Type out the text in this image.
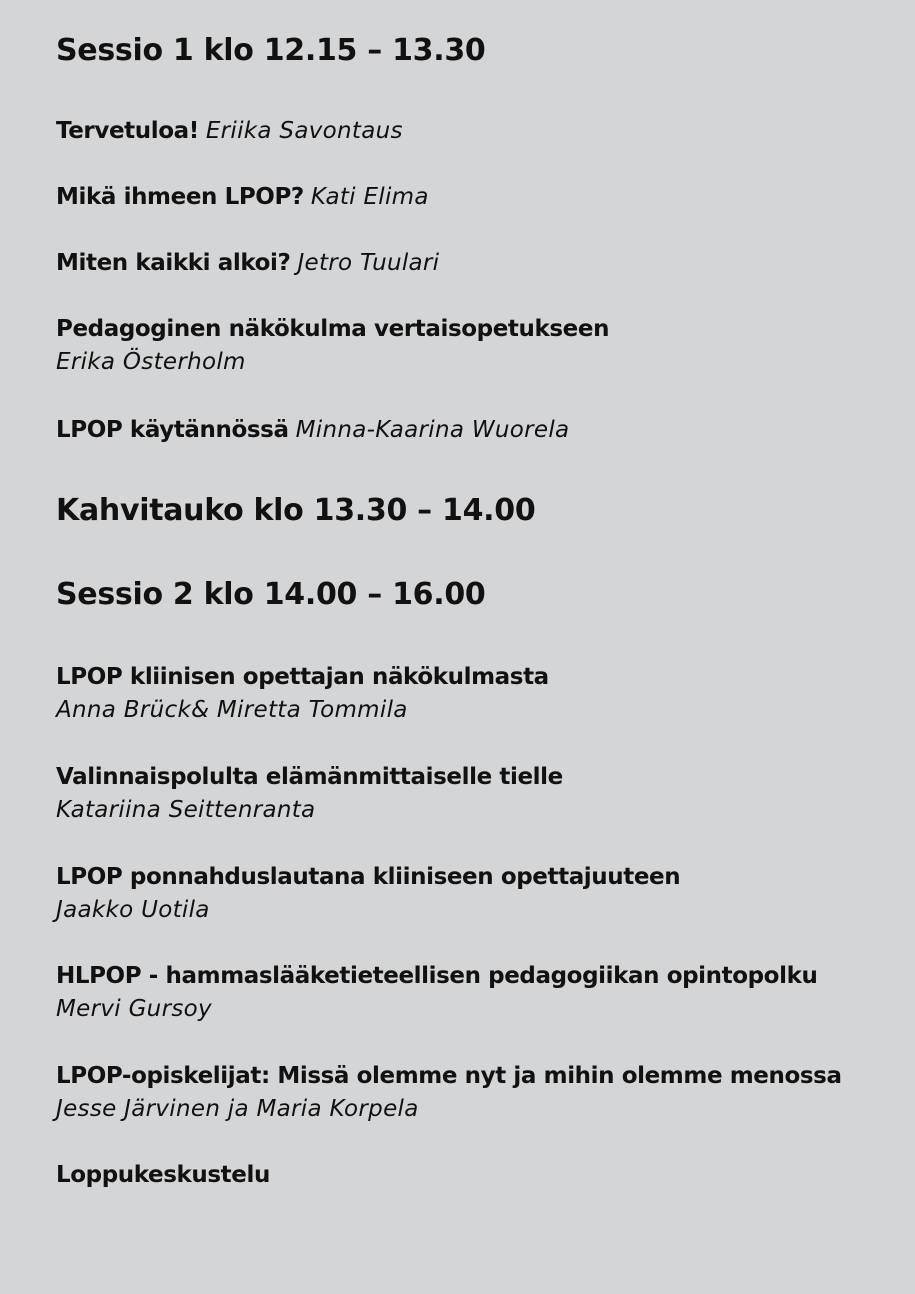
Sessio 1 klo 12.15 – 13.30

Tervetuloa! Eriika Savontaus

Mikä ihmeen LPOP? Kati Elima

Miten kaikki alkoi? Jetro Tuulari

Pedagoginen näkökulma vertaisopetukseen
Erika Österholm

LPOP käytännössä Minna-Kaarina Wuorela

Kahvitauko klo 13.30 – 14.00
Sessio 2 klo 14.00 – 16.00

LPOP kliinisen opettajan näkökulmasta
Anna Brück& Miretta Tommila

Valinnaispolulta elämänmittaiselle tielle
Katariina Seittenranta

LPOP ponnahduslautana kliiniseen opettajuuteen
Jaakko Uotila

HLPOP - hammaslääketieteellisen pedagogiikan opintopolku
Mervi Gursoy

LPOP-opiskelijat: Missä olemme nyt ja mihin olemme menossa
Jesse Järvinen ja Maria Korpela

Loppukeskustelu
